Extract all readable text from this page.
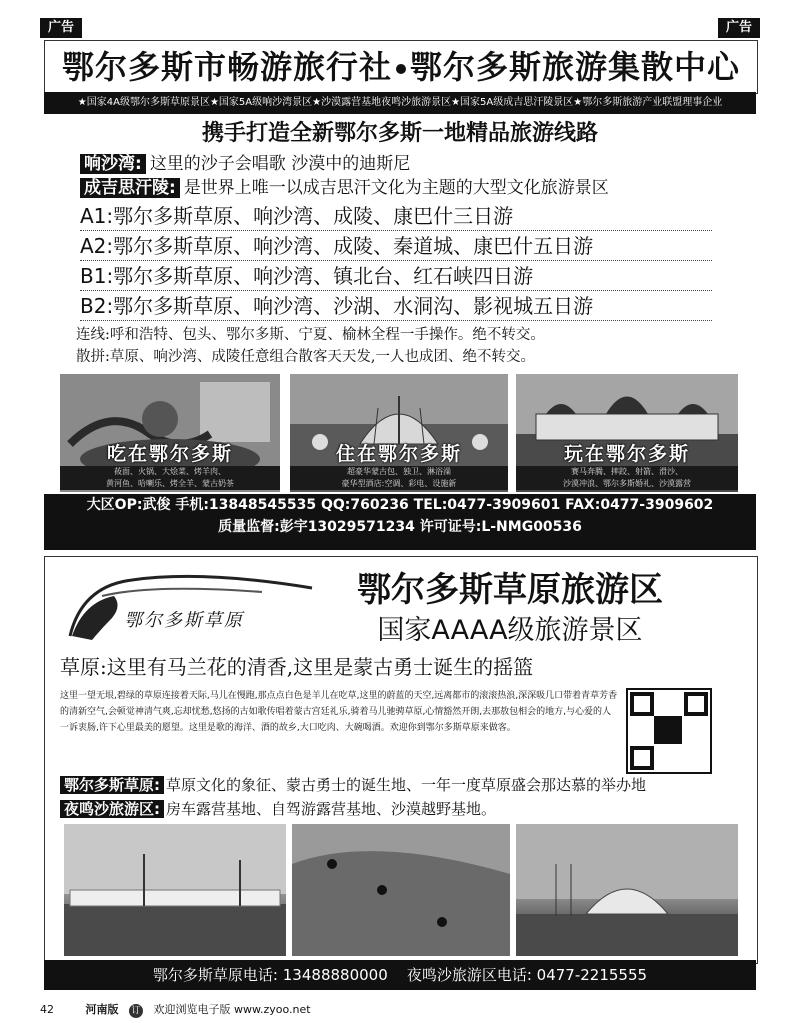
广告	广告
鄂尔多斯市畅游旅行社 鄂尔多斯旅游集散中心
★国家4A级鄂尔多斯草原景区★国家5A级响沙湾景区★沙漠露营基地夜鸣沙旅游景区★国家5A级成吉思汗陵景区★鄂尔多斯旅游产业联盟理事企业
携手打造全新鄂尔多斯一地精品旅游线路
响沙湾: 这里的沙子会唱歌 沙漠中的迪斯尼
成吉思汗陵: 是世界上唯一以成吉思汗文化为主题的大型文化旅游景区
A1:鄂尔多斯草原、响沙湾、成陵、康巴什三日游
A2:鄂尔多斯草原、响沙湾、成陵、秦道城、康巴什五日游
B1:鄂尔多斯草原、响沙湾、镇北台、红石峡四日游
B2:鄂尔多斯草原、响沙湾、沙湖、水洞沟、影视城五日游
连线:呼和浩特、包头、鄂尔多斯、宁夏、榆林全程一手操作。绝不转交。
散拼:草原、响沙湾、成陵任意组合散客天天发,一人也成团、绝不转交。
吃在鄂尔多斯
莜面、火锅、大烩菜、烤羊肉、
黄河鱼、哈喇乐、烤全羊、蒙古奶茶
住在鄂尔多斯
超豪华蒙古包、独卫、淋浴澡
豪华型酒店:空调、彩电、设施新
玩在鄂尔多斯
赛马奔腾、摔跤、射箭、滑沙、
沙漠冲浪、鄂尔多斯婚礼、沙漠露营
大区OP:武俊 手机:13848545535 QQ:760236 TEL:0477-3909601 FAX:0477-3909602
质量监督:彭宇13029571234 许可证号:L-NMG00536
鄂尔多斯草原
鄂尔多斯草原旅游区
国家AAAA级旅游景区
草原:这里有马兰花的清香,这里是蒙古勇士诞生的摇篮
这里一望无垠,碧绿的草原连接着天际,马儿在慢跑,那点点白色是羊儿在吃草,这里的蔚蓝的天空,远离都市的滚滚热浪,深深吸几口带着青草芳香的清新空气,会顿觉神清气爽,忘却忧愁,悠扬的古如歌传唱着蒙古宫廷礼乐,骑着马儿驰骋草原,心情豁然开朗,去那敖包相会的地方,与心爱的人一诉衷肠,许下心里最美的愿望。这里是歌的海洋、酒的故乡,大口吃肉、大碗喝酒。欢迎你到鄂尔多斯草原来做客。
鄂尔多斯草原: 草原文化的象征、蒙古勇士的诞生地、一年一度草原盛会那达慕的举办地
夜鸣沙旅游区: 房车露营基地、自驾游露营基地、沙漠越野基地。
鄂尔多斯草原电话: 13488880000 夜鸣沙旅游区电话: 0477-2215555
42	河南版 订 欢迎浏览电子版 www.zyoo.net
